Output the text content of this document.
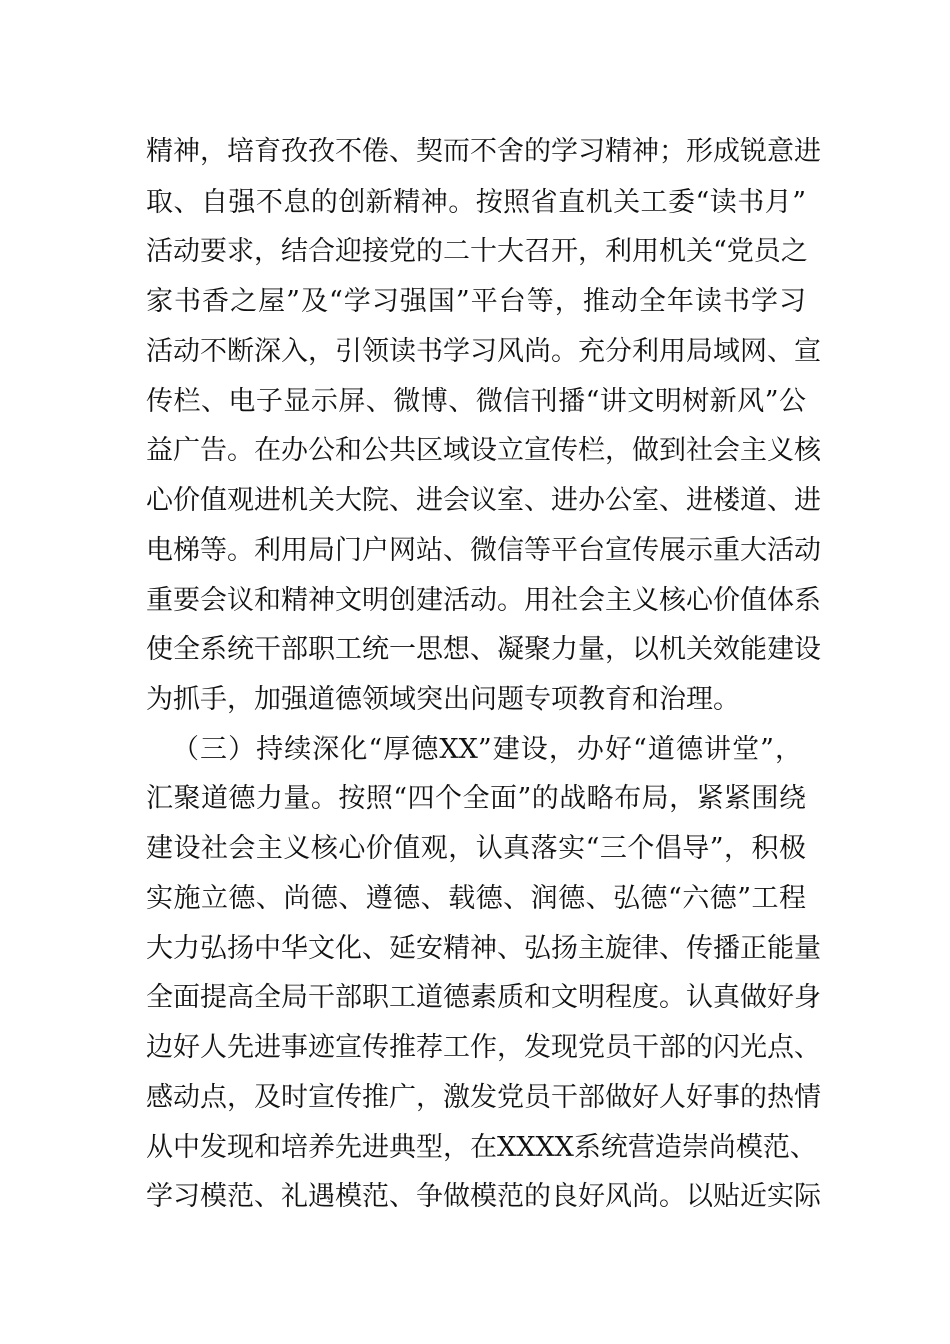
精神，培育孜孜不倦、契而不舍的学习精神；形成锐意进
取、自强不息的创新精神。按照省直机关工委“读书月”
活动要求，结合迎接党的二十大召开，利用机关“党员之
家书香之屋”及“学习强国”平台等，推动全年读书学习
活动不断深入，引领读书学习风尚。充分利用局域网、宣
传栏、电子显示屏、微博、微信刊播“讲文明树新风”公
益广告。在办公和公共区域设立宣传栏，做到社会主义核
心价值观进机关大院、进会议室、进办公室、进楼道、进
电梯等。利用局门户网站、微信等平台宣传展示重大活动
重要会议和精神文明创建活动。用社会主义核心价值体系
使全系统干部职工统一思想、凝聚力量，以机关效能建设
为抓手，加强道德领域突出问题专项教育和治理。
（三）持续深化“厚德XX”建设，办好“道德讲堂”，
汇聚道德力量。按照“四个全面”的战略布局，紧紧围绕
建设社会主义核心价值观，认真落实“三个倡导”，积极
实施立德、尚德、遵德、载德、润德、弘德“六德”工程
大力弘扬中华文化、延安精神、弘扬主旋律、传播正能量
全面提高全局干部职工道德素质和文明程度。认真做好身
边好人先进事迹宣传推荐工作，发现党员干部的闪光点、
感动点，及时宣传推广，激发党员干部做好人好事的热情
从中发现和培养先进典型，在XXXX系统营造崇尚模范、
学习模范、礼遇模范、争做模范的良好风尚。以贴近实际
